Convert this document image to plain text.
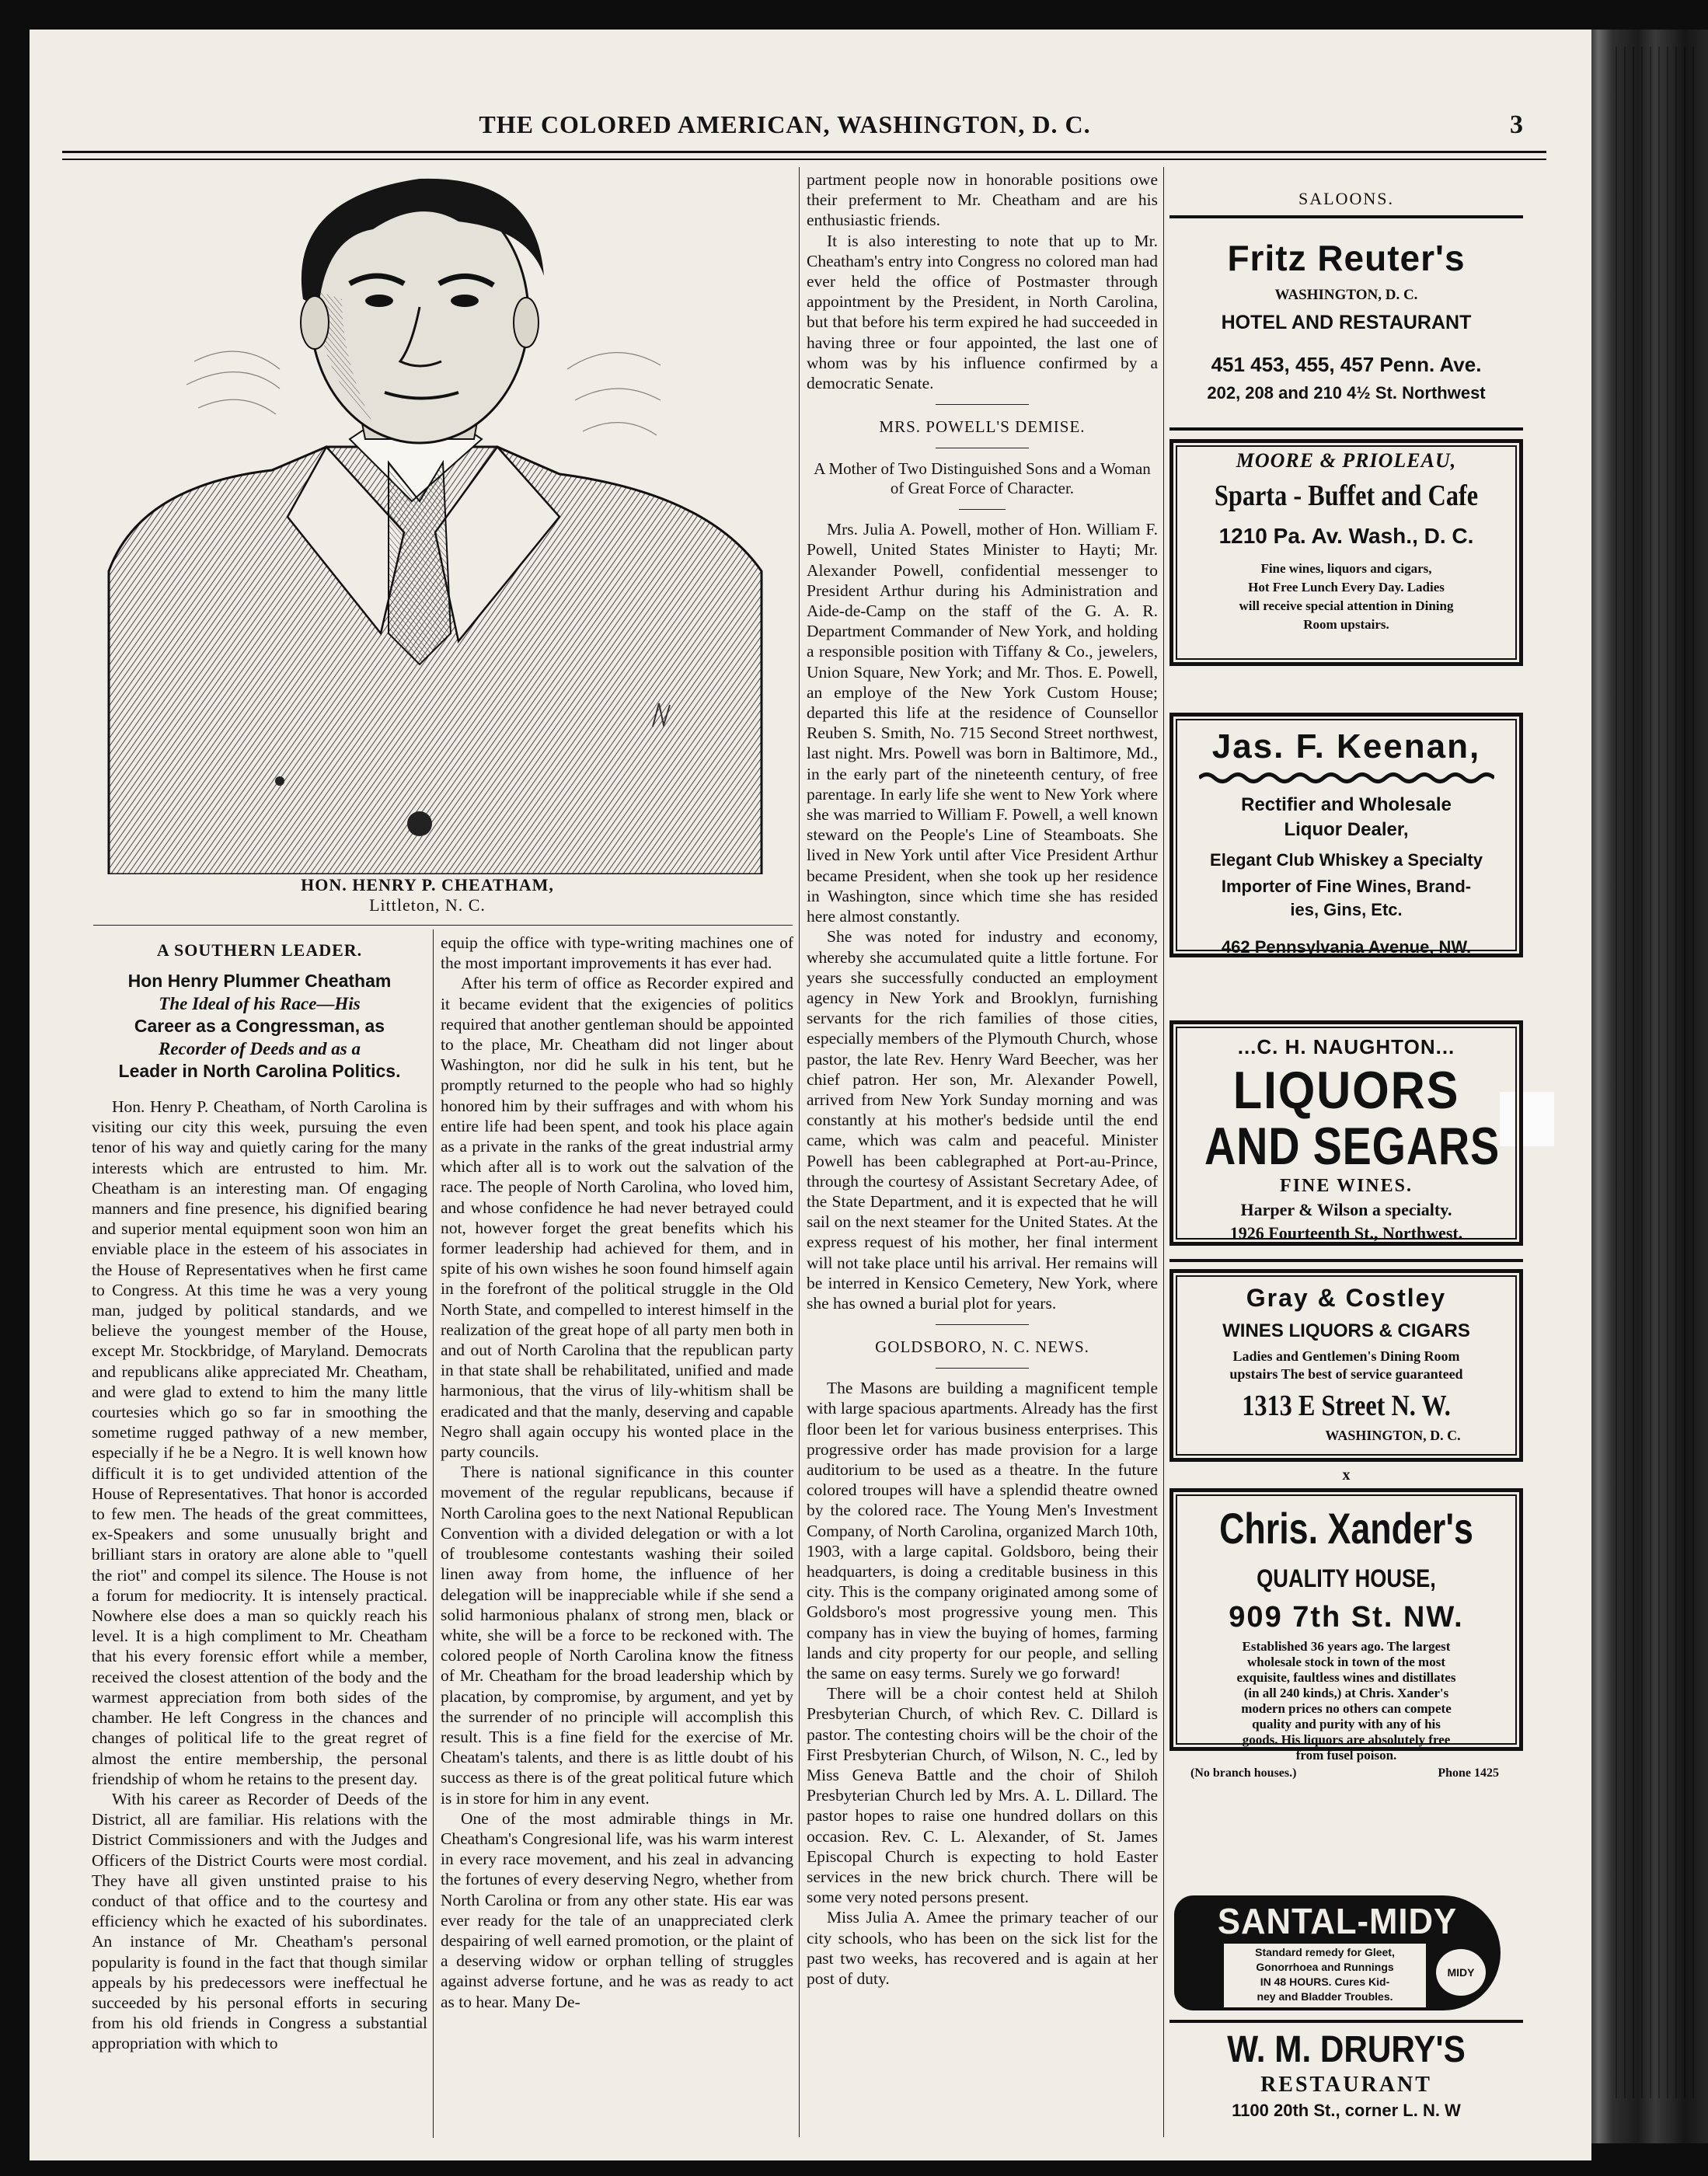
THE COLORED AMERICAN, WASHINGTON, D. C.	3
HON. HENRY P. CHEATHAM,
Littleton, N. C.
A SOUTHERN LEADER.
Hon Henry Plummer Cheatham
The Ideal of his Race—His
Career as a Congressman, as
Recorder of Deeds and as a
Leader in North Carolina Politics.

Hon. Henry P. Cheatham, of North Carolina is visiting our city this week, pursuing the even tenor of his way and quietly caring for the many interests which are entrusted to him. Mr. Cheatham is an interesting man. Of engaging manners and fine presence, his dignified bearing and superior mental equipment soon won him an enviable place in the esteem of his associates in the House of Representatives when he first came to Congress. At this time he was a very young man, judged by political standards, and we believe the youngest member of the House, except Mr. Stockbridge, of Maryland. Democrats and republicans alike appreciated Mr. Cheatham, and were glad to extend to him the many little courtesies which go so far in smoothing the sometime rugged pathway of a new member, especially if he be a Negro. It is well known how difficult it is to get undivided attention of the House of Representatives. That honor is accorded to few men. The heads of the great committees, ex-Speakers and some unusually bright and brilliant stars in oratory are alone able to "quell the riot" and compel its silence. The House is not a forum for mediocrity. It is intensely practical. Nowhere else does a man so quickly reach his level. It is a high compliment to Mr. Cheatham that his every forensic effort while a member, received the closest attention of the body and the warmest appreciation from both sides of the chamber. He left Congress in the chances and changes of political life to the great regret of almost the entire membership, the personal friendship of whom he retains to the present day.

With his career as Recorder of Deeds of the District, all are familiar. His relations with the District Commissioners and with the Judges and Officers of the District Courts were most cordial. They have all given unstinted praise to his conduct of that office and to the courtesy and efficiency which he exacted of his subordinates. An instance of Mr. Cheatham's personal popularity is found in the fact that though similar appeals by his predecessors were ineffectual he succeeded by his personal efforts in securing from his old friends in Congress a substantial appropriation with which to

equip the office with type-writing machines one of the most important improvements it has ever had.

After his term of office as Recorder expired and it became evident that the exigencies of politics required that another gentleman should be appointed to the place, Mr. Cheatham did not linger about Washington, nor did he sulk in his tent, but he promptly returned to the people who had so highly honored him by their suffrages and with whom his entire life had been spent, and took his place again as a private in the ranks of the great industrial army which after all is to work out the salvation of the race. The people of North Carolina, who loved him, and whose confidence he had never betrayed could not, however forget the great benefits which his former leadership had achieved for them, and in spite of his own wishes he soon found himself again in the forefront of the political struggle in the Old North State, and compelled to interest himself in the realization of the great hope of all party men both in and out of North Carolina that the republican party in that state shall be rehabilitated, unified and made harmonious, that the virus of lily-whitism shall be eradicated and that the manly, deserving and capable Negro shall again occupy his wonted place in the party councils.

There is national significance in this counter movement of the regular republicans, because if North Carolina goes to the next National Republican Convention with a divided delegation or with a lot of troublesome contestants washing their soiled linen away from home, the influence of her delegation will be inappreciable while if she send a solid harmonious phalanx of strong men, black or white, she will be a force to be reckoned with. The colored people of North Carolina know the fitness of Mr. Cheatham for the broad leadership which by placation, by compromise, by argument, and yet by the surrender of no principle will accomplish this result. This is a fine field for the exercise of Mr. Cheatam's talents, and there is as little doubt of his success as there is of the great political future which is in store for him in any event.

One of the most admirable things in Mr. Cheatham's Congresional life, was his warm interest in every race movement, and his zeal in advancing the fortunes of every deserving Negro, whether from North Carolina or from any other state. His ear was ever ready for the tale of an unappreciated clerk despairing of well earned promotion, or the plaint of a deserving widow or orphan telling of struggles against adverse fortune, and he was as ready to act as to hear. Many De-

partment people now in honorable positions owe their preferment to Mr. Cheatham and are his enthusiastic friends.

It is also interesting to note that up to Mr. Cheatham's entry into Congress no colored man had ever held the office of Postmaster through appointment by the President, in North Carolina, but that before his term expired he had succeeded in having three or four appointed, the last one of whom was by his influence confirmed by a democratic Senate.

MRS. POWELL'S DEMISE.
A Mother of Two Distinguished Sons and a Woman of Great Force of Character.

Mrs. Julia A. Powell, mother of Hon. William F. Powell, United States Minister to Hayti; Mr. Alexander Powell, confidential messenger to President Arthur during his Administration and Aide-de-Camp on the staff of the G. A. R. Department Commander of New York, and holding a responsible position with Tiffany & Co., jewelers, Union Square, New York; and Mr. Thos. E. Powell, an employe of the New York Custom House; departed this life at the residence of Counsellor Reuben S. Smith, No. 715 Second Street northwest, last night. Mrs. Powell was born in Baltimore, Md., in the early part of the nineteenth century, of free parentage. In early life she went to New York where she was married to William F. Powell, a well known steward on the People's Line of Steamboats. She lived in New York until after Vice President Arthur became President, when she took up her residence in Washington, since which time she has resided here almost constantly.

She was noted for industry and economy, whereby she accumulated quite a little fortune. For years she successfully conducted an employment agency in New York and Brooklyn, furnishing servants for the rich families of those cities, especially members of the Plymouth Church, whose pastor, the late Rev. Henry Ward Beecher, was her chief patron. Her son, Mr. Alexander Powell, arrived from New York Sunday morning and was constantly at his mother's bedside until the end came, which was calm and peaceful. Minister Powell has been cablegraphed at Port-au-Prince, through the courtesy of Assistant Secretary Adee, of the State Department, and it is expected that he will sail on the next steamer for the United States. At the express request of his mother, her final interment will not take place until his arrival. Her remains will be interred in Kensico Cemetery, New York, where she has owned a burial plot for years.

GOLDSBORO, N. C. NEWS.

The Masons are building a magnificent temple with large spacious apartments. Already has the first floor been let for various business enterprises. This progressive order has made provision for a large auditorium to be used as a theatre. In the future colored troupes will have a splendid theatre owned by the colored race. The Young Men's Investment Company, of North Carolina, organized March 10th, 1903, with a large capital. Goldsboro, being their headquarters, is doing a creditable business in this city. This is the company originated among some of Goldsboro's most progressive young men. This company has in view the buying of homes, farming lands and city property for our people, and selling the same on easy terms. Surely we go forward!

There will be a choir contest held at Shiloh Presbyterian Church, of which Rev. C. Dillard is pastor. The contesting choirs will be the choir of the First Presbyterian Church, of Wilson, N. C., led by Miss Geneva Battle and the choir of Shiloh Presbyterian Church led by Mrs. A. L. Dillard. The pastor hopes to raise one hundred dollars on this occasion. Rev. C. L. Alexander, of St. James Episcopal Church is expecting to hold Easter services in the new brick church. There will be some very noted persons present.

Miss Julia A. Amee the primary teacher of our city schools, who has been on the sick list for the past two weeks, has recovered and is again at her post of duty.

SALOONS.
Fritz Reuter's
WASHINGTON, D. C.
HOTEL AND RESTAURANT
451 453, 455, 457 Penn. Ave.
202, 208 and 210 4½ St. Northwest
MOORE & PRIOLEAU,
Sparta - Buffet and Cafe
1210 Pa. Av. Wash., D. C.
Fine wines, liquors and cigars,
Hot Free Lunch Every Day. Ladies
will receive special attention in Dining
Room upstairs.
Jas. F. Keenan,
Rectifier and Wholesale
Liquor Dealer,
Elegant Club Whiskey a Specialty
Importer of Fine Wines, Brand-
ies, Gins, Etc.
462 Pennsylvania Avenue, NW.
...C. H. NAUGHTON...
LIQUORS
AND SEGARS
FINE WINES.
Harper & Wilson a specialty.
1926 Fourteenth St., Northwest.
Gray & Costley
WINES LIQUORS & CIGARS
Ladies and Gentlemen's Dining Room
upstairs The best of service guaranteed
1313 E Street N. W.
WASHINGTON, D. C.
x
Chris. Xander's
QUALITY HOUSE,
909 7th St. NW.
Established 36 years ago. The largest
wholesale stock in town of the most
exquisite, faultless wines and distillates
(in all 240 kinds,) at Chris. Xander's
modern prices no others can compete
quality and purity with any of his
goods. His liquors are absolutely free
from fusel poison.
(No branch houses.)	Phone 1425
SANTAL-MIDY
Standard remedy for Gleet,
Gonorrhoea and Runnings
IN 48 HOURS. Cures Kid-
ney and Bladder Troubles.
MIDY
W. M. DRURY'S
RESTAURANT
1100 20th St., corner L. N. W
